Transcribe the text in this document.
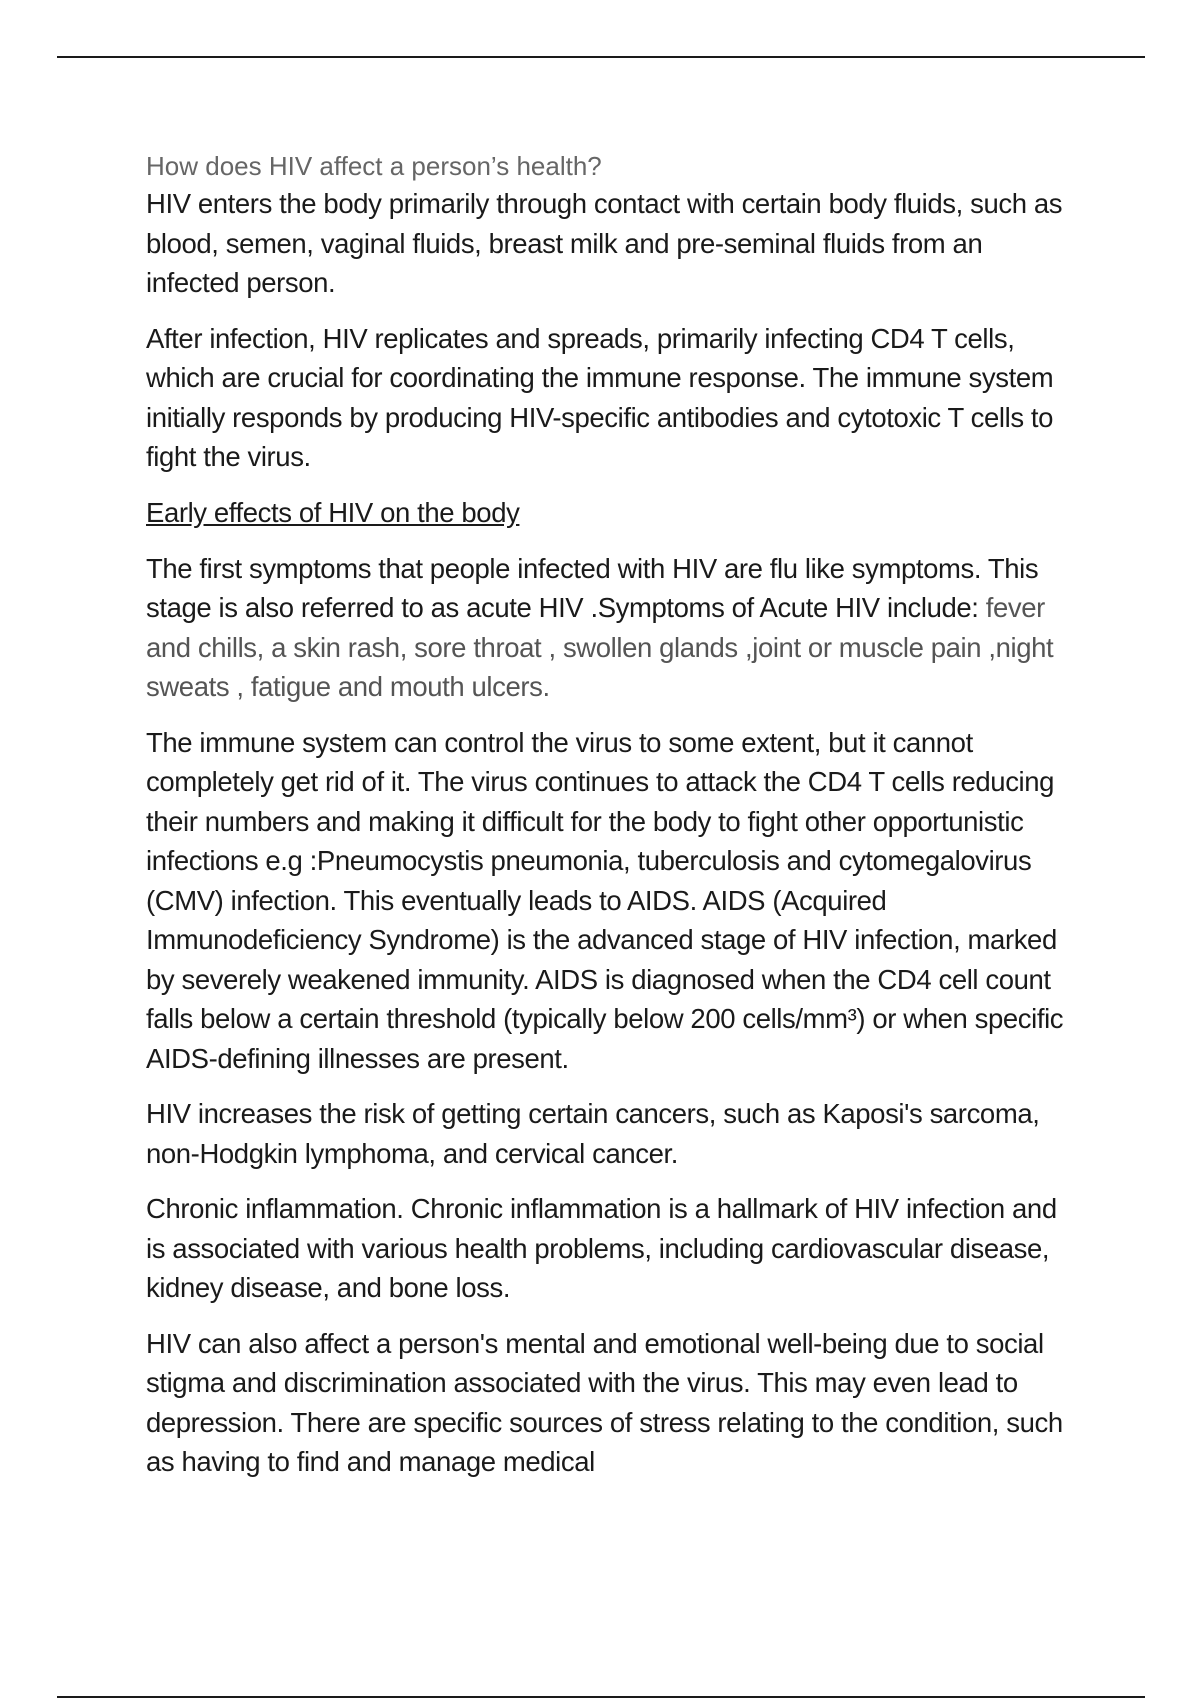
How does HIV affect a person’s health?

HIV enters the body primarily through contact with certain body fluids, such as blood, semen, vaginal fluids, breast milk and pre-seminal fluids from an infected person.

After infection, HIV replicates and spreads, primarily infecting CD4 T cells, which are crucial for coordinating the immune response. The immune system initially responds by producing HIV-specific antibodies and cytotoxic T cells to fight the virus.

Early effects of HIV on the body

The first symptoms that people infected with HIV are flu like symptoms. This stage is also referred to as acute HIV .Symptoms of Acute HIV include: fever and chills, a skin rash, sore throat , swollen glands ,joint or muscle pain ,night sweats , fatigue and mouth ulcers.

The immune system can control the virus to some extent, but it cannot completely get rid of it. The virus continues to attack the CD4 T cells reducing their numbers and making it difficult for the body to fight other opportunistic infections e.g :Pneumocystis pneumonia, tuberculosis and cytomegalovirus (CMV) infection. This eventually leads to AIDS. AIDS (Acquired Immunodeficiency Syndrome) is the advanced stage of HIV infection, marked by severely weakened immunity. AIDS is diagnosed when the CD4 cell count falls below a certain threshold (typically below 200 cells/mm³) or when specific AIDS-defining illnesses are present.

HIV increases the risk of getting certain cancers, such as Kaposi's sarcoma, non-Hodgkin lymphoma, and cervical cancer.

Chronic inflammation. Chronic inflammation is a hallmark of HIV infection and is associated with various health problems, including cardiovascular disease, kidney disease, and bone loss.

HIV can also affect a person's mental and emotional well-being due to social stigma and discrimination associated with the virus. This may even lead to depression. There are specific sources of stress relating to the condition, such as having to find and manage medical
